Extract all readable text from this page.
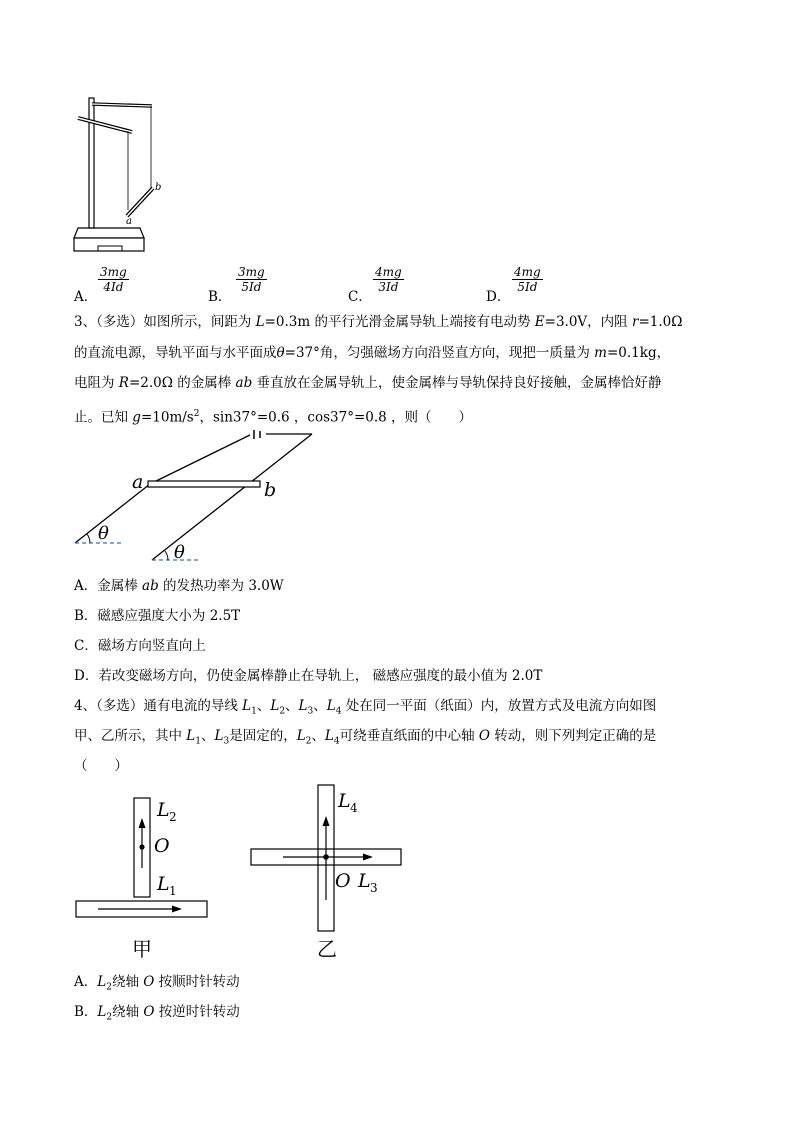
b
a
A．
$\frac{3mg}{4Id}$
B．
$\frac{3mg}{5Id}$
C．
$\frac{4mg}{3Id}$
D．
$\frac{4mg}{5Id}$
3、（多选）如图所示，间距为 L=0.3m 的平行光滑金属导轨上端接有电动势 E=3.0V，内阻 r=1.0Ω
的直流电源，导轨平面与水平面成θ=37°角，匀强磁场方向沿竖直方向，现把一质量为 m=0.1kg，
电阻为 R=2.0Ω 的金属棒 ab 垂直放在金属导轨上，使金属棒与导轨保持良好接触，金属棒恰好静
止。已知 $g=10m/s^2$，sin37°=0.6 ，cos37°=0.8 ，则（　　）
a	b
θ
θ
A．金属棒 ab 的发热功率为 3.0W
B．磁感应强度大小为 2.5T
C．磁场方向竖直向上
D．若改变磁场方向，仍使金属棒静止在导轨上， 磁感应强度的最小值为 2.0T
4、（多选）通有电流的导线 $L_1$、$L_2$、$L_3$、$L_4$ 处在同一平面（纸面）内，放置方式及电流方向如图
甲、乙所示，其中 $L_1$、$L_3$是固定的，$L_2$、$L_4$可绕垂直纸面的中心轴 O 转动，则下列判定正确的是
（　　）
L 2
O
L 1
甲
L 4
O L 3
乙
A．$L_2$绕轴 O 按顺时针转动
B．$L_2$绕轴 O 按逆时针转动
